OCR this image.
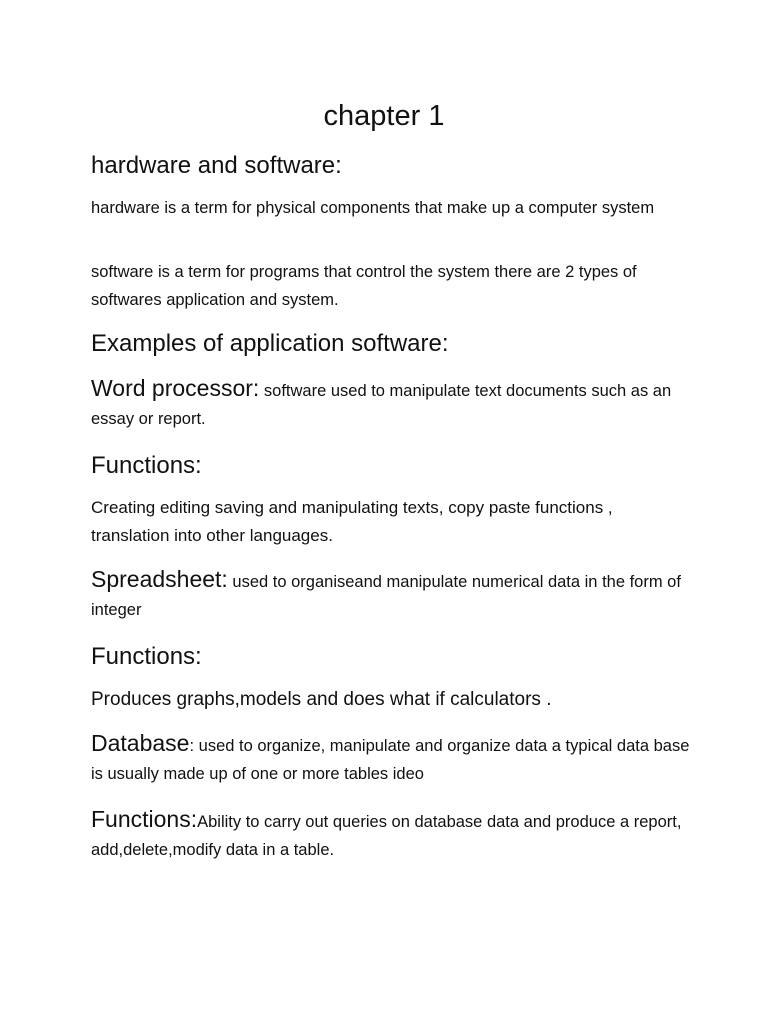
chapter 1
hardware and software:

hardware is a term for physical components that make up a computer system

software is a term for programs that control the system there are 2 types of softwares application and system.

Examples of application software:

Word processor: software used to manipulate text documents such as an essay or report.

Functions:

Creating editing saving and manipulating texts, copy paste functions , translation into other languages.

Spreadsheet: used to organiseand manipulate numerical data in the form of integer

Functions:

Produces graphs,models and does what if calculators .

Database: used to organize, manipulate and organize data a typical data base is usually made up of one or more tables ideo

Functions:Ability to carry out queries on database data and produce a report, add,delete,modify data in a table.
